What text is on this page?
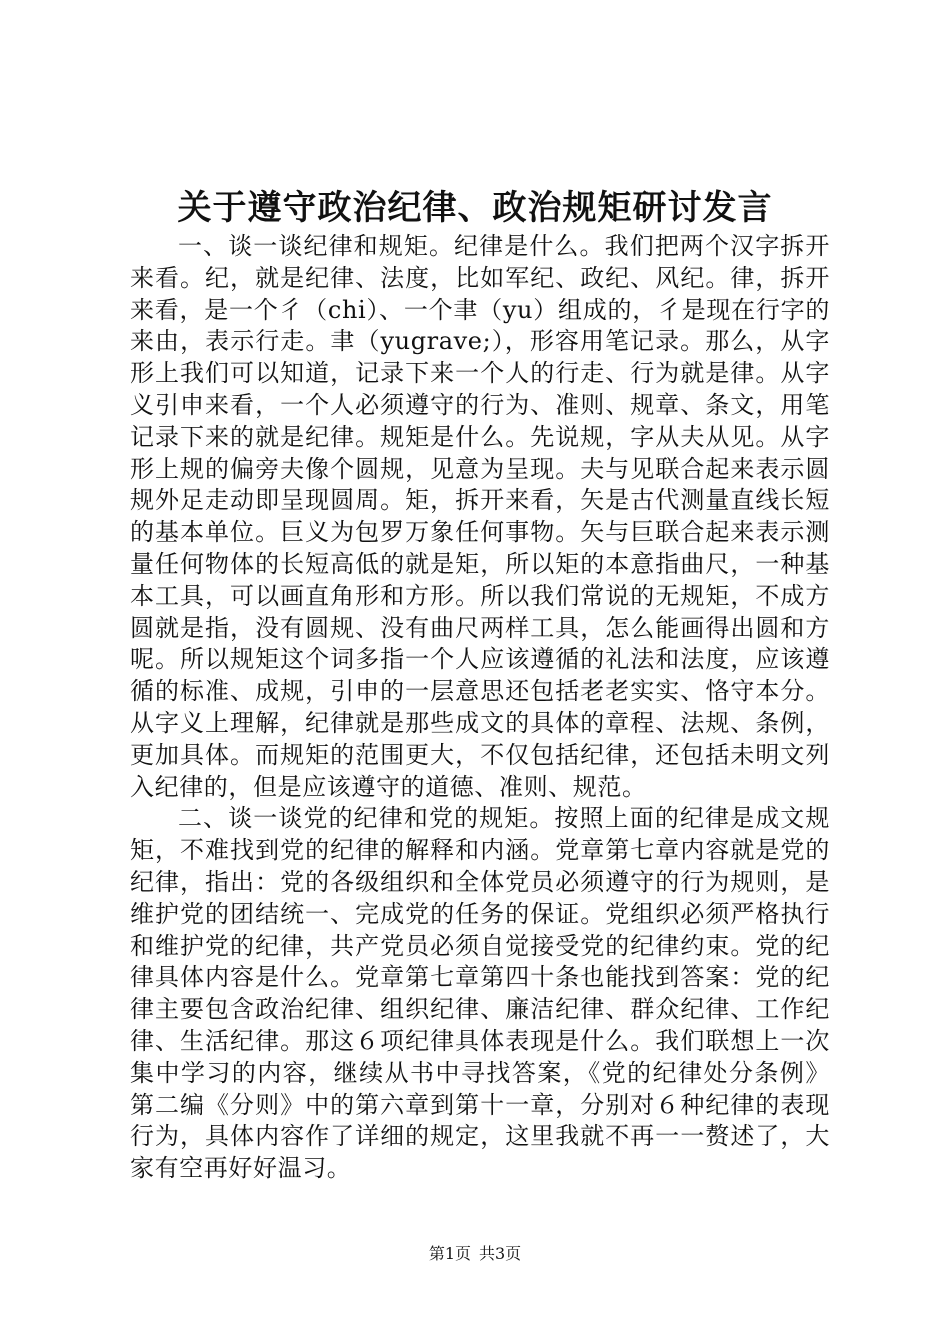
关于遵守政治纪律、政治规矩研讨发言

一、谈一谈纪律和规矩。纪律是什么。我们把两个汉字拆开来看。纪，就是纪律、法度，比如军纪、政纪、风纪。律，拆开来看，是一个彳（chi）、一个聿（yu）组成的，彳是现在行字的来由，表示行走。聿（yugrave;），形容用笔记录。那么，从字形上我们可以知道，记录下来一个人的行走、行为就是律。从字义引申来看，一个人必须遵守的行为、准则、规章、条文，用笔记录下来的就是纪律。规矩是什么。先说规，字从夫从见。从字形上规的偏旁夫像个圆规，见意为呈现。夫与见联合起来表示圆规外足走动即呈现圆周。矩，拆开来看，矢是古代测量直线长短的基本单位。巨义为包罗万象任何事物。矢与巨联合起来表示测量任何物体的长短高低的就是矩，所以矩的本意指曲尺，一种基本工具，可以画直角形和方形。所以我们常说的无规矩，不成方圆就是指，没有圆规、没有曲尺两样工具，怎么能画得出圆和方呢。所以规矩这个词多指一个人应该遵循的礼法和法度，应该遵循的标准、成规，引申的一层意思还包括老老实实、恪守本分。从字义上理解，纪律就是那些成文的具体的章程、法规、条例，更加具体。而规矩的范围更大，不仅包括纪律，还包括未明文列入纪律的，但是应该遵守的道德、准则、规范。

二、谈一谈党的纪律和党的规矩。按照上面的纪律是成文规矩，不难找到党的纪律的解释和内涵。党章第七章内容就是党的纪律，指出：党的各级组织和全体党员必须遵守的行为规则，是维护党的团结统一、完成党的任务的保证。党组织必须严格执行和维护党的纪律，共产党员必须自觉接受党的纪律约束。党的纪律具体内容是什么。党章第七章第四十条也能找到答案：党的纪律主要包含政治纪律、组织纪律、廉洁纪律、群众纪律、工作纪律、生活纪律。那这６项纪律具体表现是什么。我们联想上一次集中学习的内容，继续从书中寻找答案，《党的纪律处分条例》第二编《分则》中的第六章到第十一章，分别对６种纪律的表现行为，具体内容作了详细的规定，这里我就不再一一赘述了，大家有空再好好温习。

第1页 共3页
